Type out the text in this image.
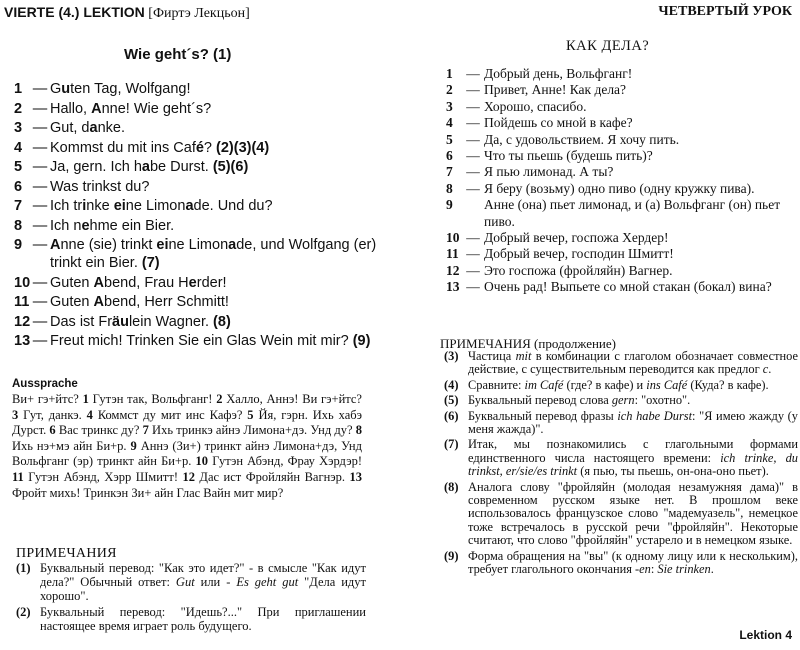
VIERTE (4.) LEKTION [Фиртэ Лекцьон]
Wie geht´s? (1)
1 — Guten Tag, Wolfgang!
2 — Hallo, Anne! Wie geht´s?
3 — Gut, danke.
4 — Kommst du mit ins Café? (2)(3)(4)
5 — Ja, gern. Ich habe Durst. (5)(6)
6 — Was trinkst du?
7 — Ich trinke eine Limonade. Und du?
8 — Ich nehme ein Bier.
9 — Anne (sie) trinkt eine Limonade, und Wolfgang (er) trinkt ein Bier. (7)
10 — Guten Abend, Frau Herder!
11 — Guten Abend, Herr Schmitt!
12 — Das ist Fräulein Wagner. (8)
13 — Freut mich! Trinken Sie ein Glas Wein mit mir? (9)
Aussprache
Ви+ гэ+йтс? 1 Гутэн так, Вольфганг! 2 Халло, Аннэ! Ви гэ+йтс? 3 Гут, данкэ. 4 Коммст ду мит инс Кафэ? 5 Йя, гэрн. Ихь хабэ Дурст. 6 Вас тринкс ду? 7 Ихь тринкэ айнэ Лимона+дэ. Унд ду? 8 Ихь нэ+мэ айн Би+р. 9 Аннэ (Зи+) тринкт айнэ Лимона+дэ, Унд Вольфганг (эр) тринкт айн Би+р. 10 Гутэн Абэнд, Фрау Хэрдэр! 11 Гутэн Абэнд, Хэрр Шмитт! 12 Дас ист Фройляйн Вагнэр. 13 Фройт михь! Тринкэн Зи+ айн Глас Вайн мит мир?
ПРИМЕЧАНИЯ
(1) Буквальный перевод: "Как это идет?" - в смысле "Как идут дела?" Обычный ответ: Gut или - Es geht gut "Дела идут хорошо".
(2) Буквальный перевод: "Идешь?..." При приглашении настоящее время играет роль будущего.
ЧЕТВЕРТЫЙ УРОК
КАК ДЕЛА?
1	— Добрый день, Вольфганг!
2	— Привет, Анне! Как дела?
3	— Хорошо, спасибо.
4	— Пойдешь со мной в кафе?
5	— Да, с удовольствием. Я хочу пить.
6	— Что ты пьешь (будешь пить)?
7	— Я пью лимонад. А ты?
8	— Я беру (возьму) одно пиво (одну кружку пива).
9	Анне (она) пьет лимонад, и (а) Вольфганг (он) пьет пиво.
10 — Добрый вечер, госпожа Хердер!
11 — Добрый вечер, господин Шмитт!
12 — Это госпожа (фройляйн) Вагнер.
13 — Очень рад! Выпьете со мной стакан (бокал) вина?
ПРИМЕЧАНИЯ (продолжение)
(3) Частица mit в комбинации с глаголом обозначает совместное действие, с существительным переводится как предлог с.
(4) Сравните: im Café (где? в кафе) и ins Café (Куда? в кафе).
(5) Буквальный перевод слова gern: "охотно".
(6) Буквальный перевод фразы ich habe Durst: "Я имею жажду (у меня жажда)".
(7) Итак, мы познакомились с глагольными формами единственного числа настоящего времени: ich trinke, du trinkst, er/sie/es trinkt (я пью, ты пьешь, он-она-оно пьет).
(8) Аналога слову "фройляйн (молодая незамужняя дама)" в современном русском языке нет. В прошлом веке использовалось французское слово "мадемуазель", немецкое тоже встречалось в русской речи "фройляйн". Некоторые считают, что слово "фройляйн" устарело и в немецком языке.
(9) Форма обращения на "вы" (к одному лицу или к нескольким), требует глагольного окончания -en: Sie trinken.
Lektion 4
